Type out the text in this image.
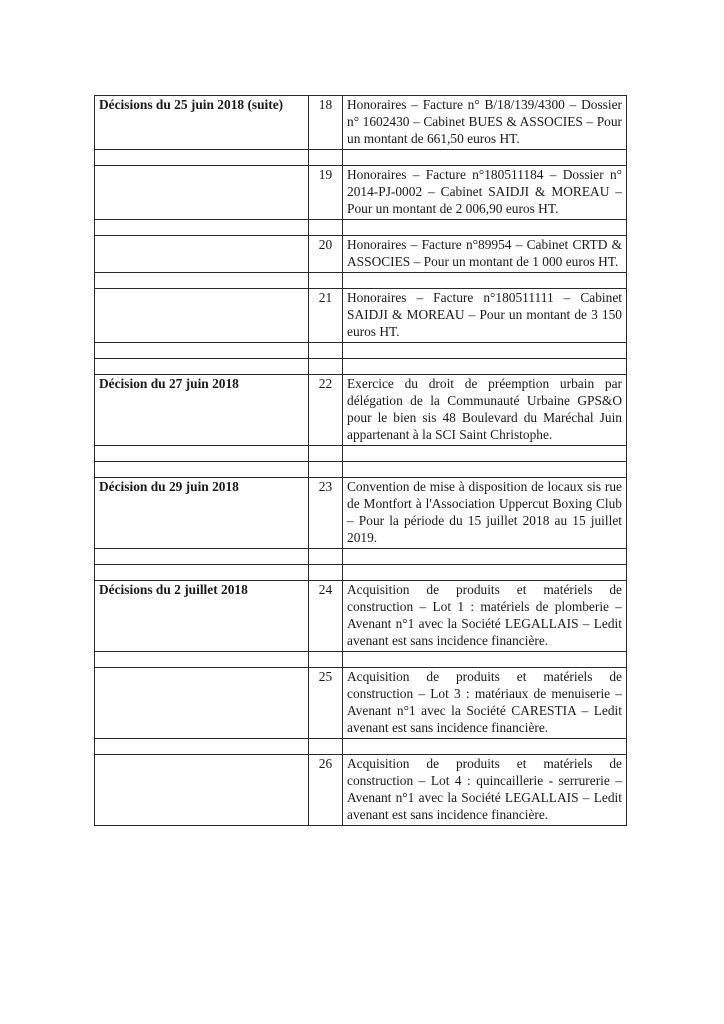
Décisions du 25 juin 2018 (suite)	18	Honoraires – Facture n° B/18/139/4300 – Dossier n° 1602430 – Cabinet BUES & ASSOCIES – Pour un montant de 661,50 euros HT.

	19	Honoraires – Facture n°180511184 – Dossier n° 2014-PJ-0002 – Cabinet SAIDJI & MOREAU – Pour un montant de 2 006,90 euros HT.

	20	Honoraires – Facture n°89954 – Cabinet CRTD & ASSOCIES – Pour un montant de 1 000 euros HT.

	21	Honoraires – Facture n°180511111 – Cabinet SAIDJI & MOREAU – Pour un montant de 3 150 euros HT.

Décision du 27 juin 2018	22	Exercice du droit de préemption urbain par délégation de la Communauté Urbaine GPS&O pour le bien sis 48 Boulevard du Maréchal Juin appartenant à la SCI Saint Christophe.

Décision du 29 juin 2018	23	Convention de mise à disposition de locaux sis rue de Montfort à l'Association Uppercut Boxing Club – Pour la période du 15 juillet 2018 au 15 juillet 2019.

Décisions du 2 juillet 2018	24	Acquisition de produits et matériels de construction – Lot 1 : matériels de plomberie – Avenant n°1 avec la Société LEGALLAIS – Ledit avenant est sans incidence financière.

	25	Acquisition de produits et matériels de construction – Lot 3 : matériaux de menuiserie – Avenant n°1 avec la Société CARESTIA – Ledit avenant est sans incidence financière.

	26	Acquisition de produits et matériels de construction – Lot 4 : quincaillerie - serrurerie – Avenant n°1 avec la Société LEGALLAIS – Ledit avenant est sans incidence financière.
